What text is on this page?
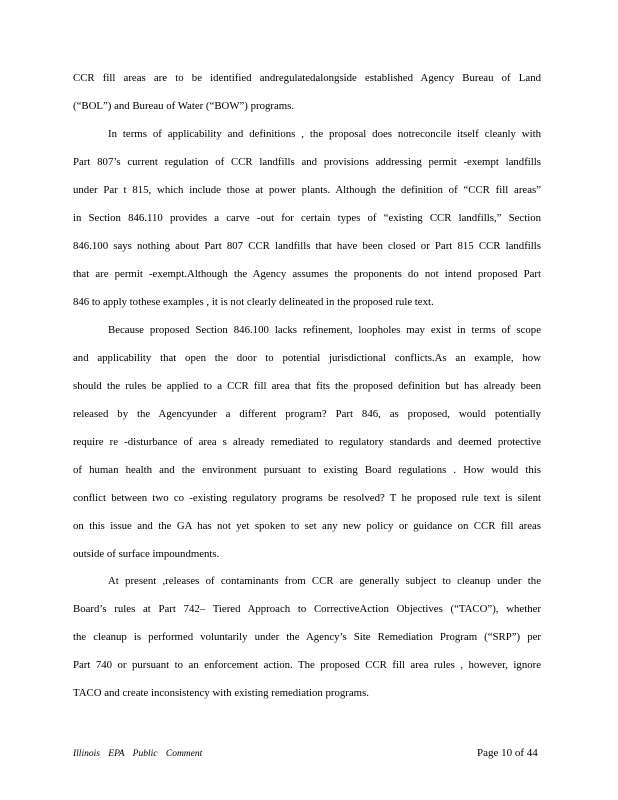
CCR fill areas are to be identified andregulatedalongside established Agency Bureau of Land
(“BOL”) and Bureau of Water (“BOW”) programs.
In terms of applicability and definitions , the proposal does notreconcile itself cleanly with
Part 807’s current regulation of CCR landfills and provisions addressing permit -exempt landfills
under Par t 815, which include those at power plants. Although the definition of “CCR fill areas”
in Section 846.110 provides a carve -out for certain types of “existing CCR landfills,” Section
846.100 says nothing about Part 807 CCR landfills that have been closed or Part 815 CCR landfills
that are permit -exempt.Although the Agency assumes the proponents do not intend proposed Part
846 to apply tothese examples , it is not clearly delineated in the proposed rule text.
Because proposed Section 846.100 lacks refinement, loopholes may exist in terms of scope
and applicability that open the door to potential jurisdictional conflicts.As an example, how
should the rules be applied to a CCR fill area that fits the proposed definition but has already been
released by the Agencyunder a different program? Part 846, as proposed, would potentially
require re -disturbance of area s already remediated to regulatory standards and deemed protective
of human health and the environment pursuant to existing Board regulations . How would this
conflict between two co -existing regulatory programs be resolved? T he proposed rule text is silent
on this issue and the GA has not yet spoken to set any new policy or guidance on CCR fill areas
outside of surface impoundments.
At present ,releases of contaminants from CCR are generally subject to cleanup under the
Board’s rules at Part 742– Tiered Approach to CorrectiveAction Objectives (“TACO”), whether
the cleanup is performed voluntarily under the Agency’s Site Remediation Program (“SRP”) per
Part 740 or pursuant to an enforcement action. The proposed CCR fill area rules , however, ignore
TACO and create inconsistency with existing remediation programs.
Illinois EPA Public Comment	Page 10 of 44
